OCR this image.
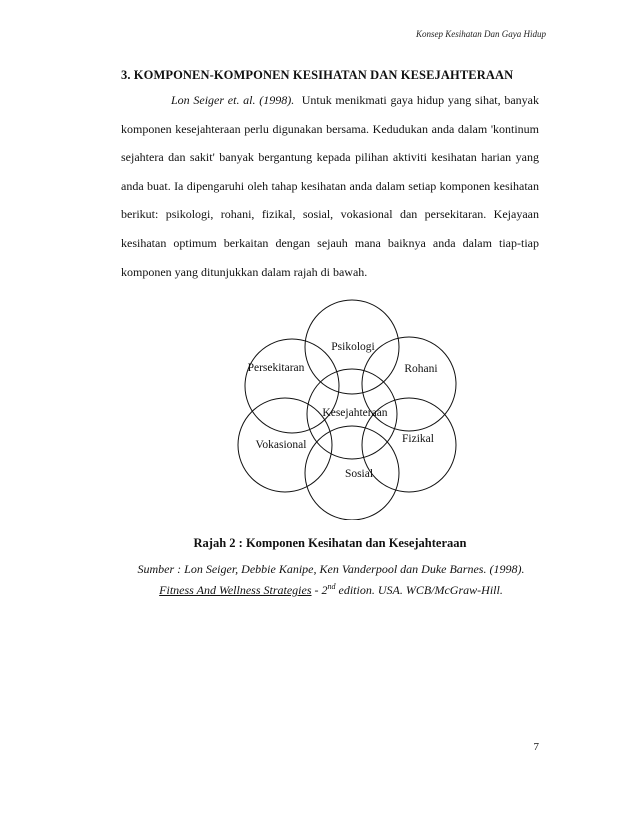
Konsep Kesihatan Dan Gaya Hidup
3. KOMPONEN-KOMPONEN KESIHATAN DAN KESEJAHTERAAN
Lon Seiger et. al. (1998). Untuk menikmati gaya hidup yang sihat, banyak komponen kesejahteraan perlu digunakan bersama. Kedudukan anda dalam 'kontinum sejahtera dan sakit' banyak bergantung kepada pilihan aktiviti kesihatan harian yang anda buat. Ia dipengaruhi oleh tahap kesihatan anda dalam setiap komponen kesihatan berikut: psikologi, rohani, fizikal, sosial, vokasional dan persekitaran. Kejayaan kesihatan optimum berkaitan dengan sejauh mana baiknya anda dalam tiap-tiap komponen yang ditunjukkan dalam rajah di bawah.
Psikologi
Rohani
Persekitaran
Kesejahteraan
Fizikal
Vokasional
Sosial
Rajah 2 : Komponen Kesihatan dan Kesejahteraan
Sumber : Lon Seiger, Debbie Kanipe, Ken Vanderpool dan Duke Barnes. (1998).
Fitness And Wellness Strategies - 2nd edition. USA. WCB/McGraw-Hill.
7
